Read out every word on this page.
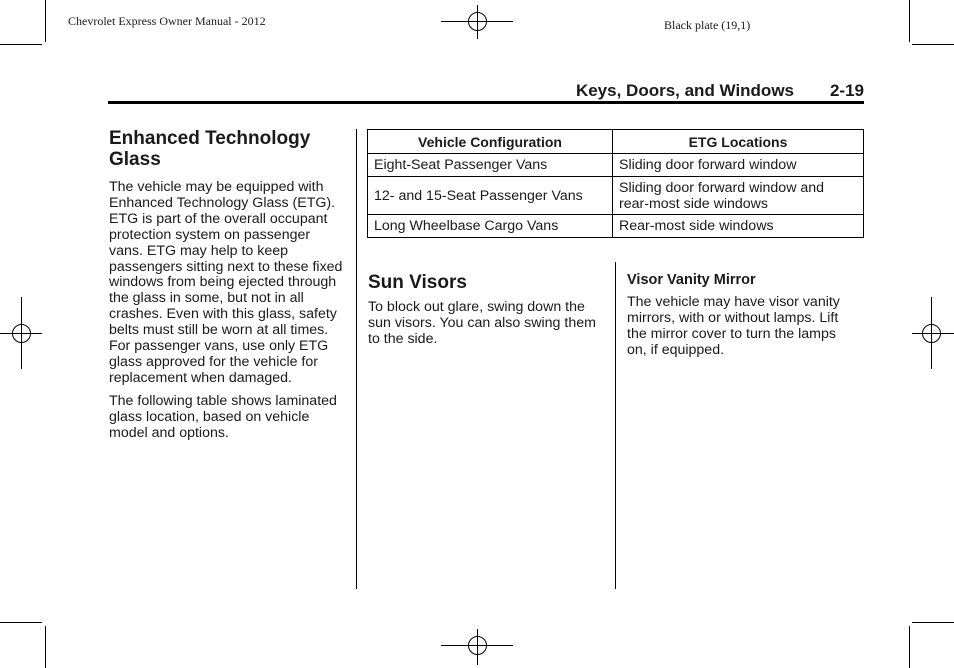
Chevrolet Express Owner Manual - 2012	Black plate (19,1)
Keys, Doors, and Windows 2-19
Enhanced Technology Glass
The vehicle may be equipped with Enhanced Technology Glass (ETG). ETG is part of the overall occupant protection system on passenger vans. ETG may help to keep passengers sitting next to these fixed windows from being ejected through the glass in some, but not in all crashes. Even with this glass, safety belts must still be worn at all times. For passenger vans, use only ETG glass approved for the vehicle for replacement when damaged.
The following table shows laminated glass location, based on vehicle model and options.
Vehicle Configuration	ETG Locations
Eight-Seat Passenger Vans	Sliding door forward window
12- and 15-Seat Passenger Vans	Sliding door forward window and rear-most side windows
Long Wheelbase Cargo Vans	Rear-most side windows
Sun Visors
To block out glare, swing down the sun visors. You can also swing them to the side.
Visor Vanity Mirror
The vehicle may have visor vanity mirrors, with or without lamps. Lift the mirror cover to turn the lamps on, if equipped.
